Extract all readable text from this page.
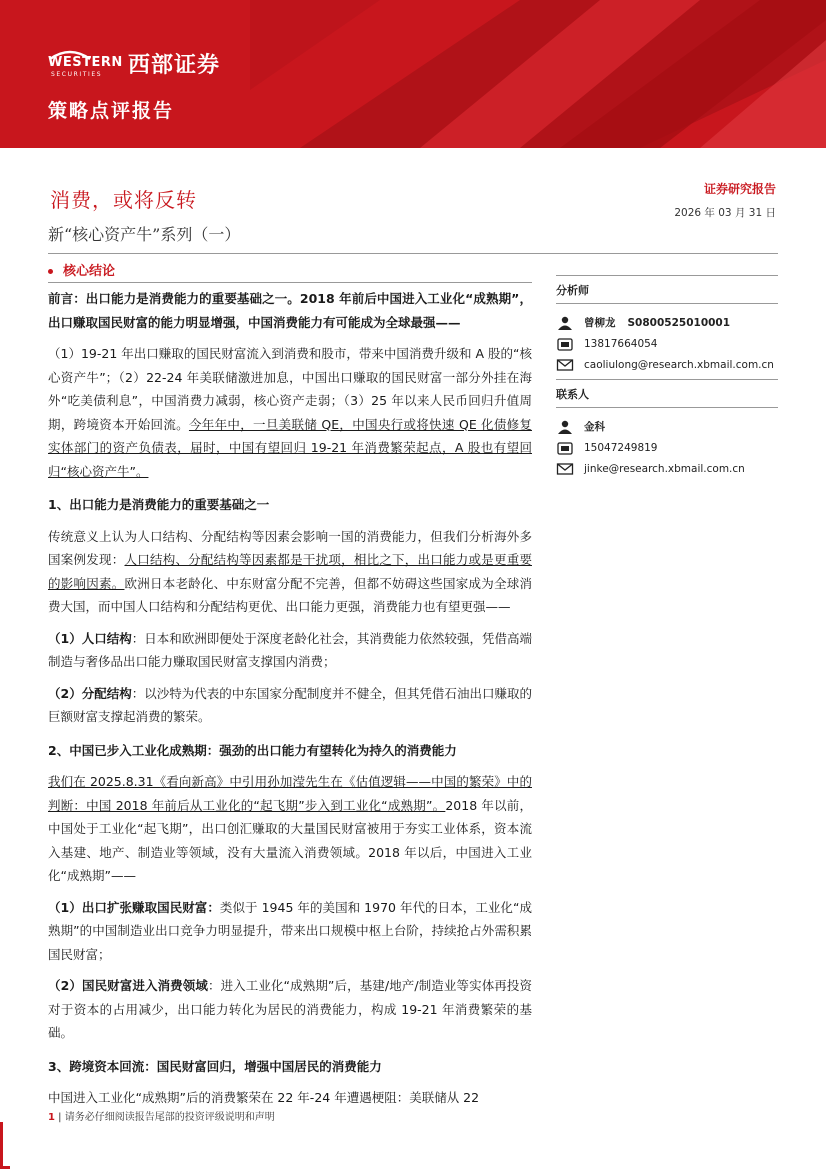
WESTERN
SECURITIES 西部证券
策略点评报告
消费，或将反转
新“核心资产牛”系列（一）
证券研究报告
2026 年 03 月 31 日
核心结论

前言：出口能力是消费能力的重要基础之一。2018 年前后中国进入工业化“成熟期”，出口赚取国民财富的能力明显增强，中国消费能力有可能成为全球最强——

（1）19-21 年出口赚取的国民财富流入到消费和股市，带来中国消费升级和 A 股的“核心资产牛”；（2）22-24 年美联储激进加息，中国出口赚取的国民财富一部分外挂在海外“吃美债利息”，中国消费力减弱，核心资产走弱；（3）25 年以来人民币回归升值周期，跨境资本开始回流。今年年中，一旦美联储 QE，中国央行或将快速 QE 化债修复实体部门的资产负债表，届时，中国有望回归 19-21 年消费繁荣起点，A 股也有望回归“核心资产牛”。

1、出口能力是消费能力的重要基础之一

传统意义上认为人口结构、分配结构等因素会影响一国的消费能力，但我们分析海外多国案例发现：人口结构、分配结构等因素都是干扰项，相比之下，出口能力或是更重要的影响因素。欧洲日本老龄化、中东财富分配不完善，但都不妨碍这些国家成为全球消费大国，而中国人口结构和分配结构更优、出口能力更强，消费能力也有望更强——

（1）人口结构：日本和欧洲即便处于深度老龄化社会，其消费能力依然较强，凭借高端制造与奢侈品出口能力赚取国民财富支撑国内消费；

（2）分配结构：以沙特为代表的中东国家分配制度并不健全，但其凭借石油出口赚取的巨额财富支撑起消费的繁荣。

2、中国已步入工业化成熟期：强劲的出口能力有望转化为持久的消费能力

我们在 2025.8.31《看向新高》中引用孙加滢先生在《估值逻辑——中国的繁荣》中的判断：中国 2018 年前后从工业化的“起飞期”步入到工业化“成熟期”。2018 年以前，中国处于工业化“起飞期”，出口创汇赚取的大量国民财富被用于夯实工业体系，资本流入基建、地产、制造业等领域，没有大量流入消费领域。2018 年以后，中国进入工业化“成熟期”——

（1）出口扩张赚取国民财富：类似于 1945 年的美国和 1970 年代的日本，工业化“成熟期”的中国制造业出口竞争力明显提升，带来出口规模中枢上台阶，持续抢占外需积累国民财富；

（2）国民财富进入消费领域：进入工业化“成熟期”后，基建/地产/制造业等实体再投资对于资本的占用减少，出口能力转化为居民的消费能力，构成 19-21 年消费繁荣的基础。

3、跨境资本回流：国民财富回归，增强中国居民的消费能力

中国进入工业化“成熟期”后的消费繁荣在 22 年-24 年遭遇梗阻：美联储从 22

分析师
曾柳龙 S0800525010001
13817664054
caoliulong@research.xbmail.com.cn
联系人
金科
15047249819
jinke@research.xbmail.com.cn
1 | 请务必仔细阅读报告尾部的投资评级说明和声明
